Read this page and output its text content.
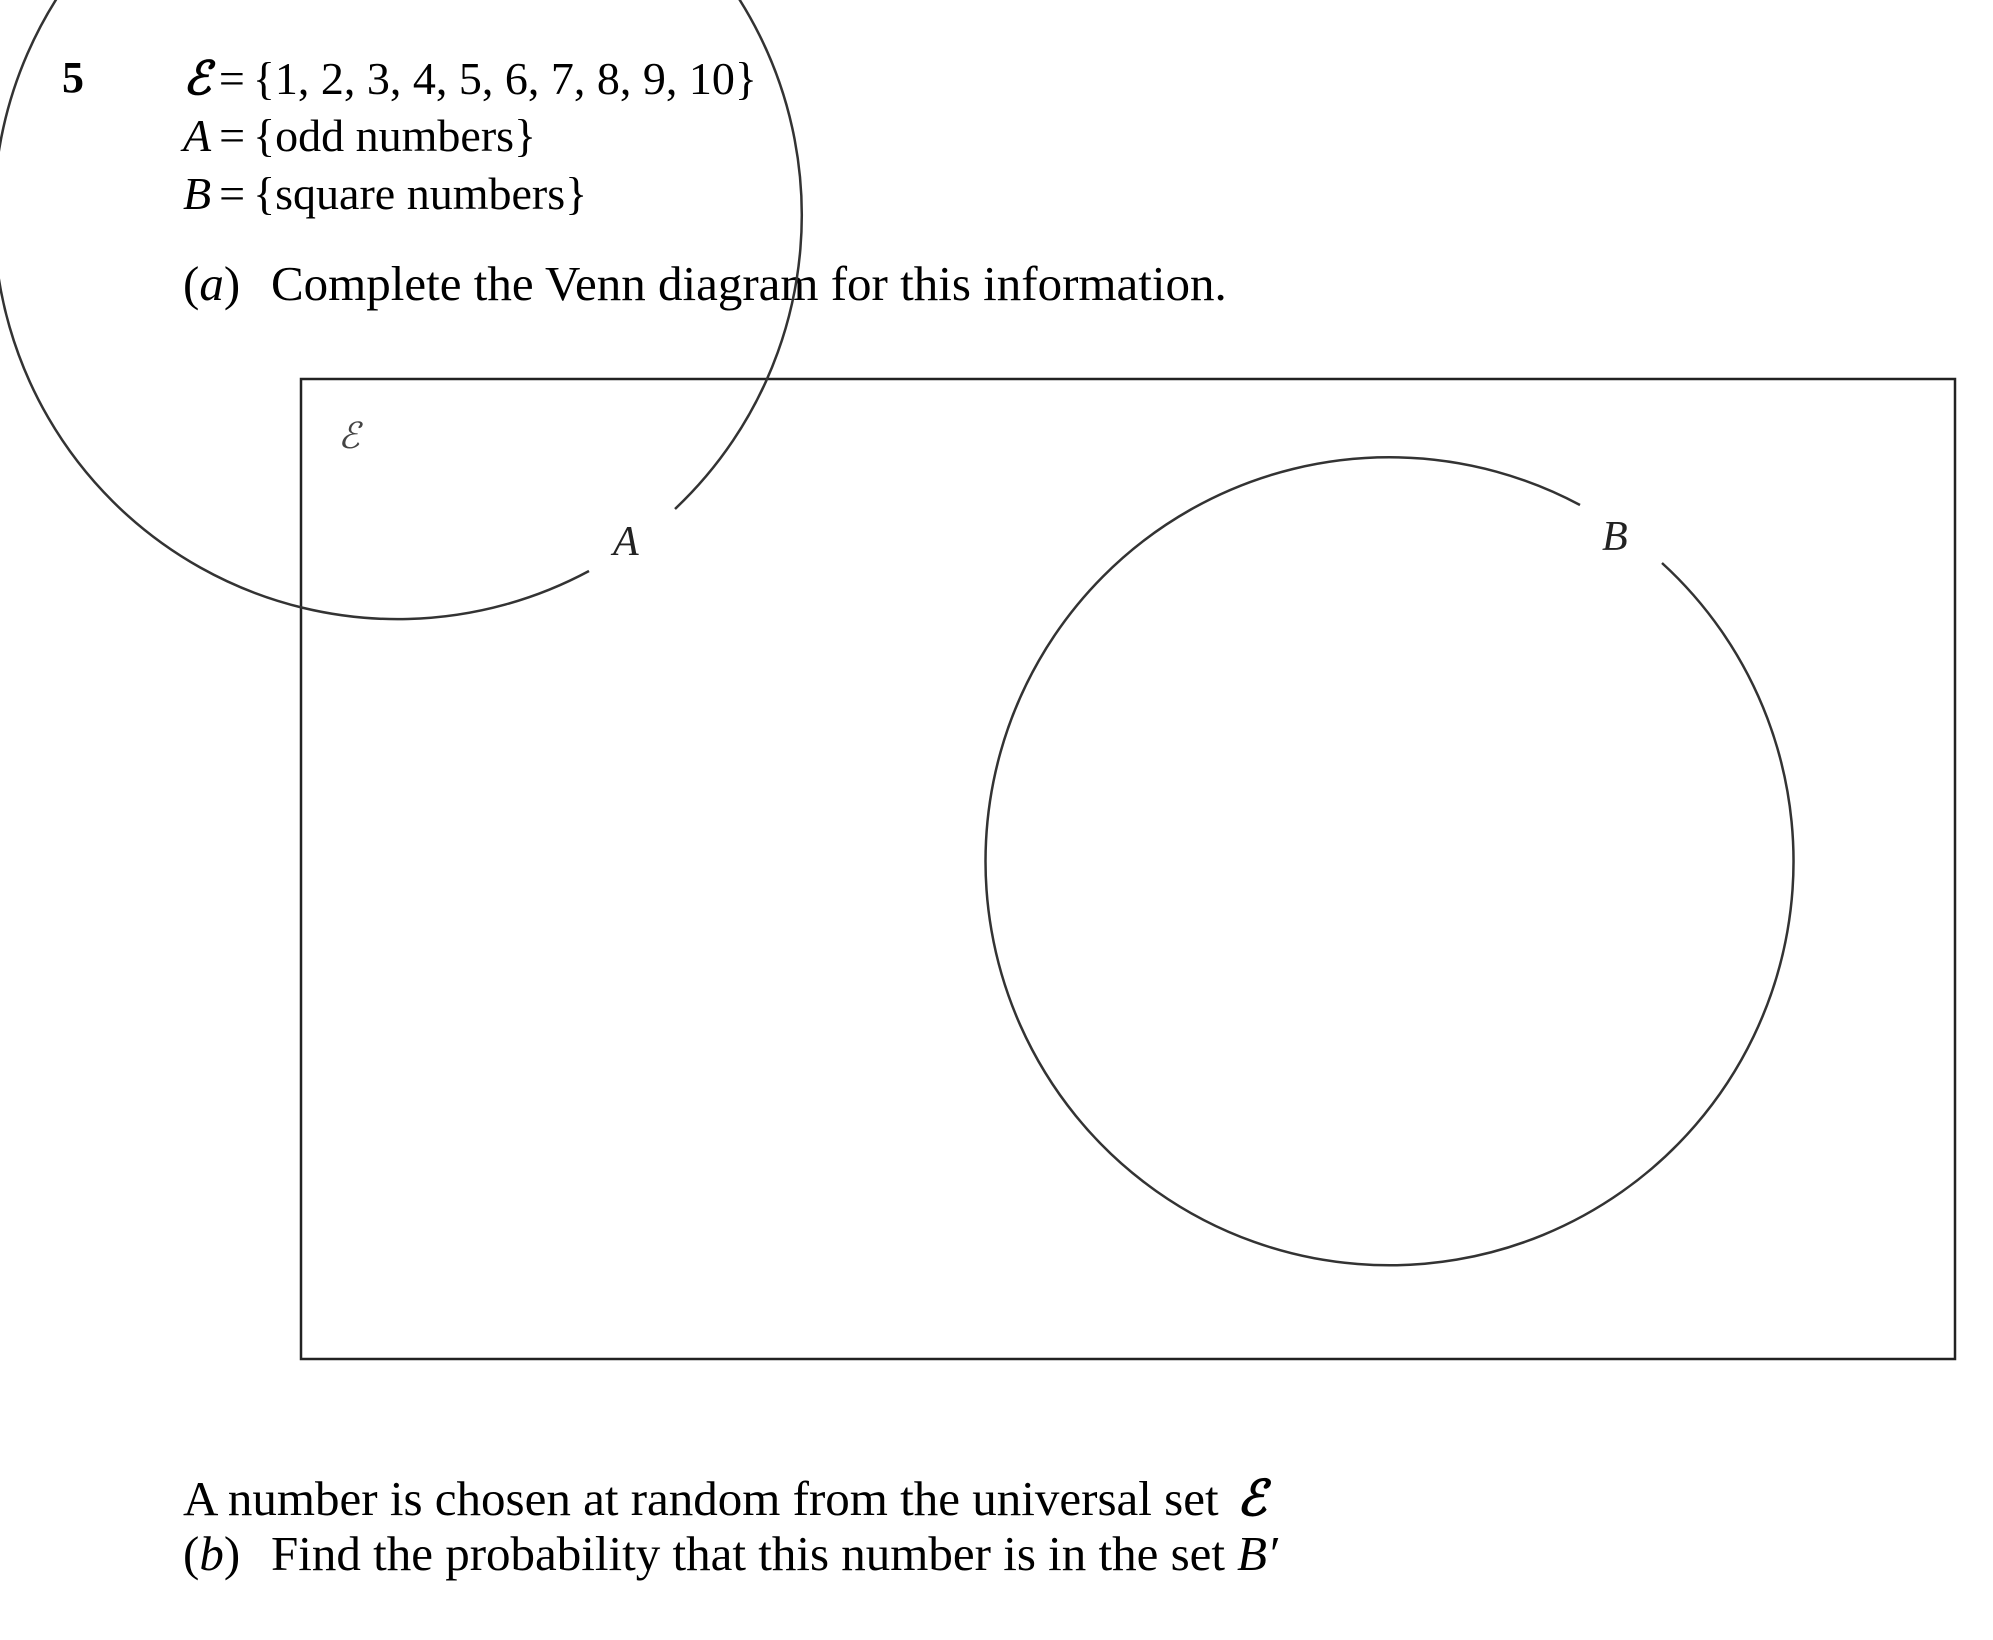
5 ℰ = {1, 2, 3, 4, 5, 6, 7, 8, 9, 10}
A = {odd numbers}
B = {square numbers}
(a) Complete the Venn diagram for this information.
ℰ
A	B
A number is chosen at random from the universal set ℰ
(b) Find the probability that this number is in the set B′
